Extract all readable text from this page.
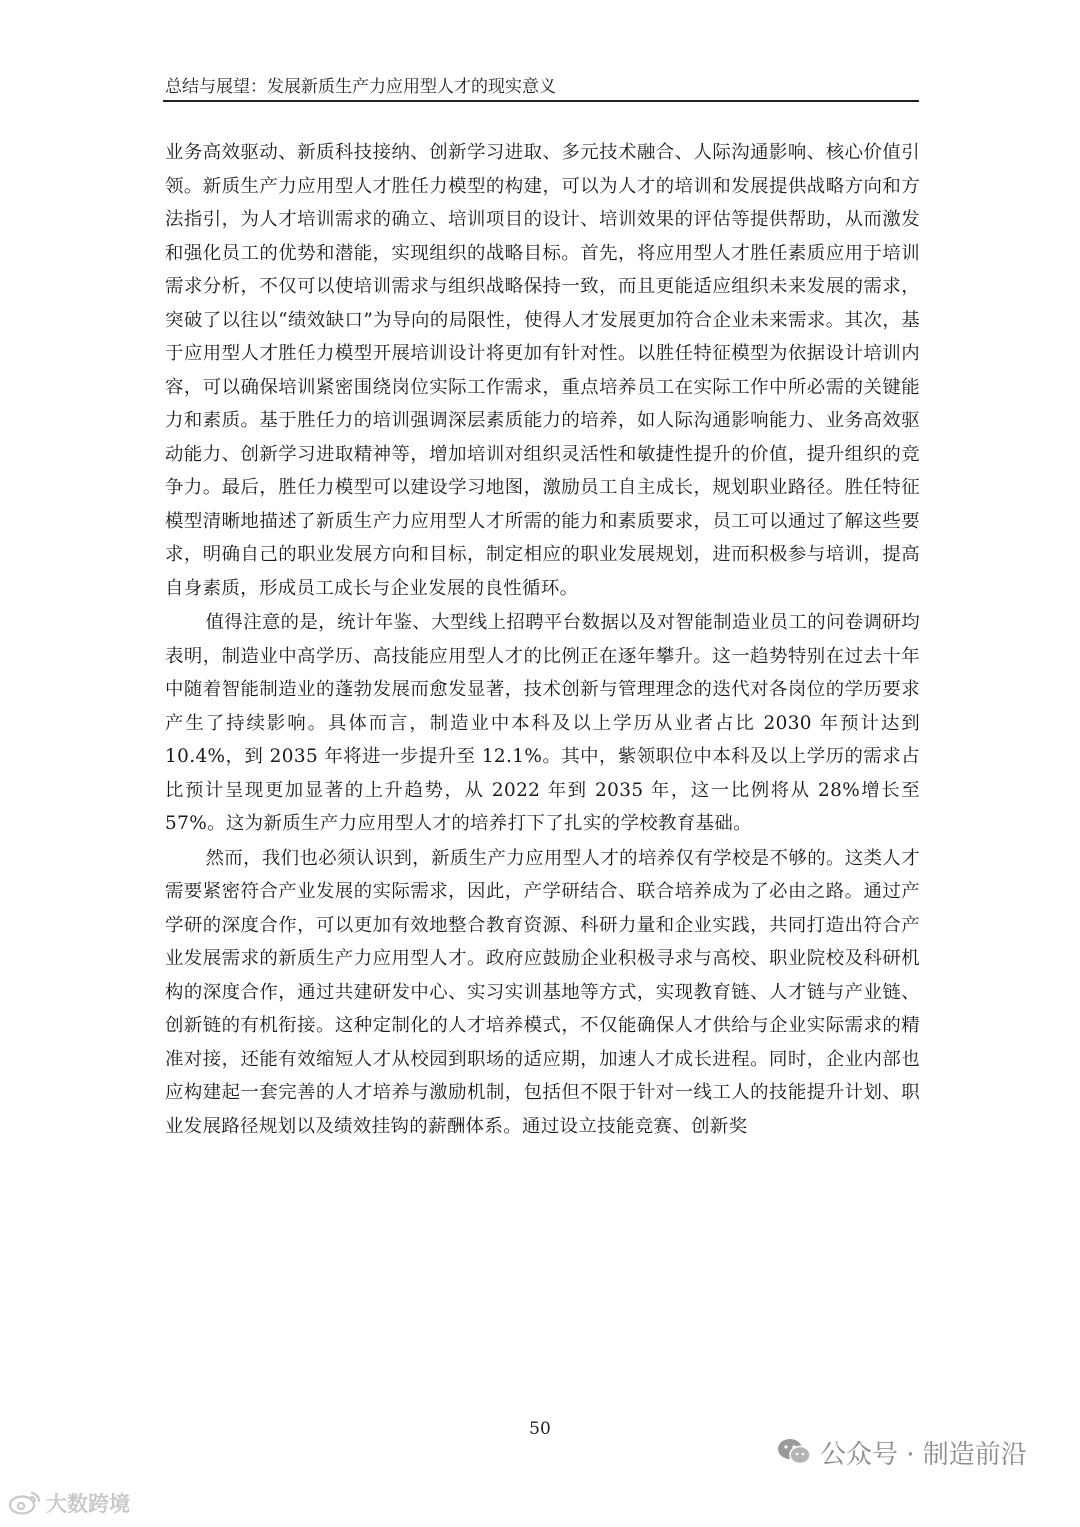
总结与展望：发展新质生产力应用型人才的现实意义

业务高效驱动、新质科技接纳、创新学习进取、多元技术融合、人际沟通影响、核心价值引领。新质生产力应用型人才胜任力模型的构建，可以为人才的培训和发展提供战略方向和方法指引，为人才培训需求的确立、培训项目的设计、培训效果的评估等提供帮助，从而激发和强化员工的优势和潜能，实现组织的战略目标。首先，将应用型人才胜任素质应用于培训需求分析，不仅可以使培训需求与组织战略保持一致，而且更能适应组织未来发展的需求，突破了以往以“绩效缺口”为导向的局限性，使得人才发展更加符合企业未来需求。其次，基于应用型人才胜任力模型开展培训设计将更加有针对性。以胜任特征模型为依据设计培训内容，可以确保培训紧密围绕岗位实际工作需求，重点培养员工在实际工作中所必需的关键能力和素质。基于胜任力的培训强调深层素质能力的培养，如人际沟通影响能力、业务高效驱动能力、创新学习进取精神等，增加培训对组织灵活性和敏捷性提升的价值，提升组织的竞争力。最后，胜任力模型可以建设学习地图，激励员工自主成长，规划职业路径。胜任特征模型清晰地描述了新质生产力应用型人才所需的能力和素质要求，员工可以通过了解这些要求，明确自己的职业发展方向和目标，制定相应的职业发展规划，进而积极参与培训，提高自身素质，形成员工成长与企业发展的良性循环。

值得注意的是，统计年鉴、大型线上招聘平台数据以及对智能制造业员工的问卷调研均表明，制造业中高学历、高技能应用型人才的比例正在逐年攀升。这一趋势特别在过去十年中随着智能制造业的蓬勃发展而愈发显著，技术创新与管理理念的迭代对各岗位的学历要求产生了持续影响。具体而言，制造业中本科及以上学历从业者占比 2030 年预计达到 10.4%，到 2035 年将进一步提升至 12.1%。其中，紫领职位中本科及以上学历的需求占比预计呈现更加显著的上升趋势，从 2022 年到 2035 年，这一比例将从 28%增长至 57%。这为新质生产力应用型人才的培养打下了扎实的学校教育基础。

然而，我们也必须认识到，新质生产力应用型人才的培养仅有学校是不够的。这类人才需要紧密符合产业发展的实际需求，因此，产学研结合、联合培养成为了必由之路。通过产学研的深度合作，可以更加有效地整合教育资源、科研力量和企业实践，共同打造出符合产业发展需求的新质生产力应用型人才。政府应鼓励企业积极寻求与高校、职业院校及科研机构的深度合作，通过共建研发中心、实习实训基地等方式，实现教育链、人才链与产业链、创新链的有机衔接。这种定制化的人才培养模式，不仅能确保人才供给与企业实际需求的精准对接，还能有效缩短人才从校园到职场的适应期，加速人才成长进程。同时，企业内部也应构建起一套完善的人才培养与激励机制，包括但不限于针对一线工人的技能提升计划、职业发展路径规划以及绩效挂钩的薪酬体系。通过设立技能竞赛、创新奖

50
公众号 · 制造前沿
大数跨境
